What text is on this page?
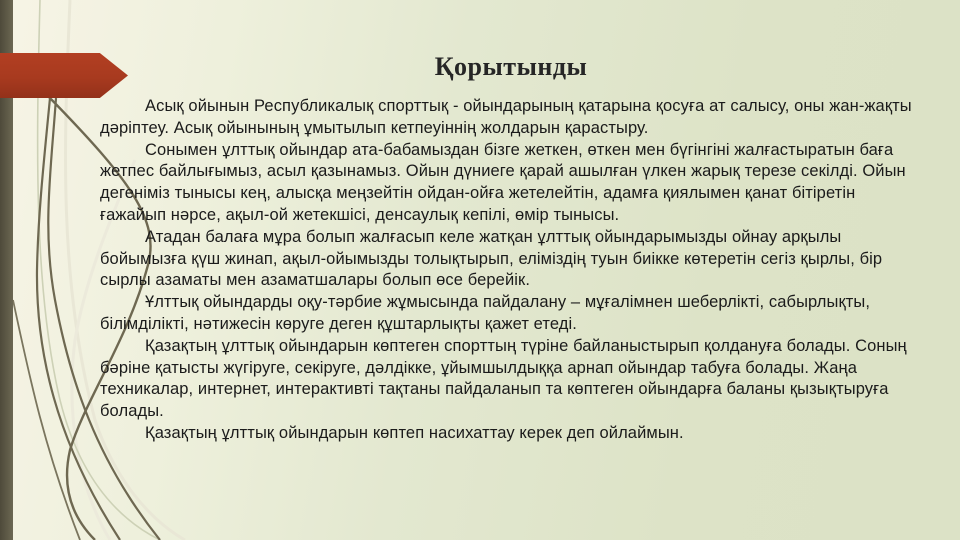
Қорытынды

Асық ойынын Республикалық спорттық - ойындарының қатарына қосуға ат салысу, оны жан-жақты дәріптеу. Асық ойынының ұмытылып кетпеуіннің жолдарын қарастыру.

Сонымен ұлттық ойындар ата-бабамыздан бізге жеткен, өткен мен бүгінгіні жалғастыратын баға жетпес байлығымыз, асыл қазынамыз. Ойын дүниеге қарай ашылған үлкен жарық терезе секілді. Ойын дегеніміз тынысы кең, алысқа меңзейтін ойдан-ойға жетелейтін, адамға қиялымен қанат бітіретін ғажайып нәрсе, ақыл-ой жетекшісі, денсаулық кепілі, өмір тынысы.

Атадан балаға мұра болып жалғасып келе жатқан ұлттық ойындарымызды ойнау арқылы бойымызға қүш жинап, ақыл-ойымызды толықтырып, еліміздің туын биікке көтеретін сегіз қырлы, бір сырлы азаматы мен азаматшалары болып өсе берейік.

Ұлттық ойындарды оқу-тәрбие жұмысында пайдалану – мұғалімнен шеберлікті, сабырлықты, білімділікті, нәтижесін көруге деген құштарлықты қажет етеді.

Қазақтың ұлттық ойындарын көптеген спорттың түріне байланыстырып қолдануға болады. Соның бәріне қатысты жүгіруге, секіруге, дәлдікке, ұйымшылдыққа арнап ойындар табуға болады. Жаңа техникалар, интернет, интерактивті тақтаны пайдаланып та көптеген ойындарға баланы қызықтыруға болады.

Қазақтың ұлттық ойындарын көптеп насихаттау керек деп ойлаймын.
